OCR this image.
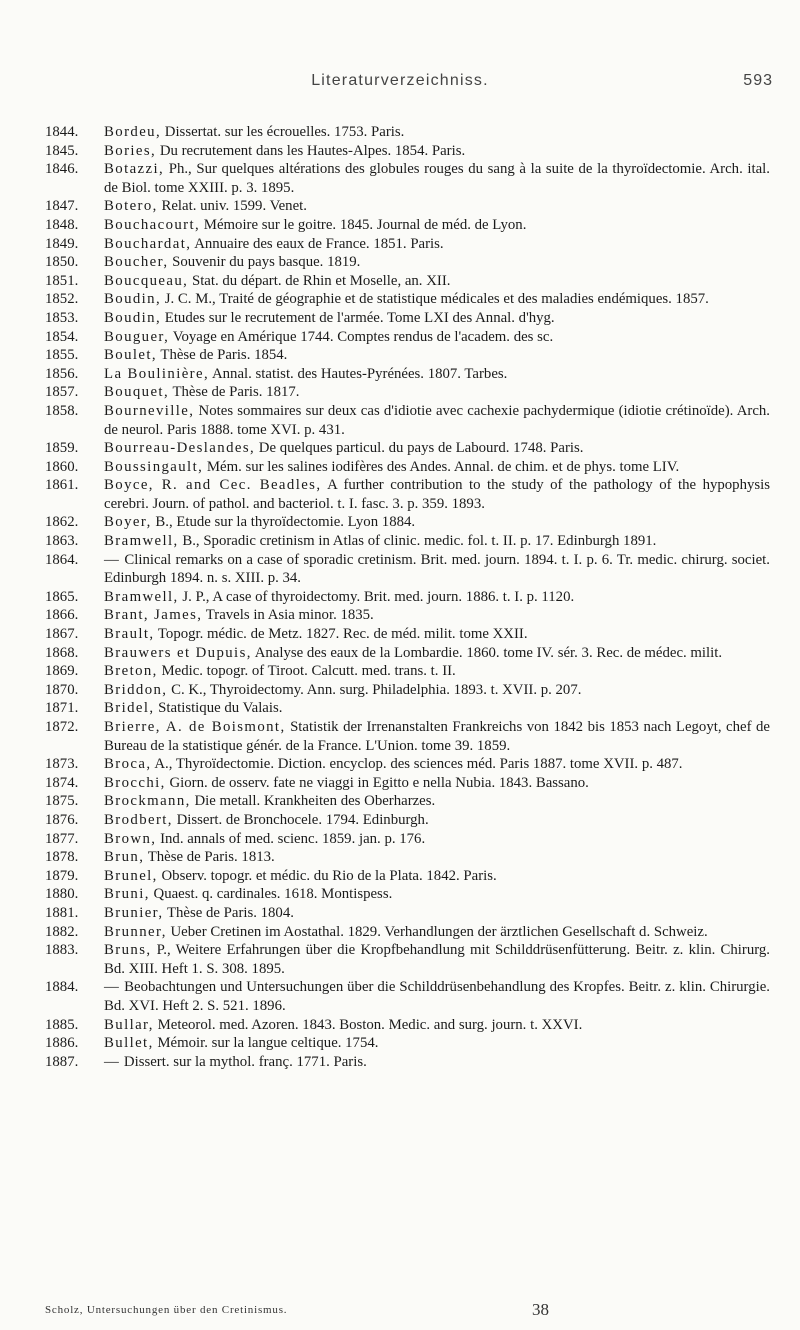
Literaturverzeichniss.	593

1844. Bordeu, Dissertat. sur les écrouelles. 1753. Paris.

1845. Bories, Du recrutement dans les Hautes-Alpes. 1854. Paris.

1846. Botazzi, Ph., Sur quelques altérations des globules rouges du sang à la suite de la thyroïdectomie. Arch. ital. de Biol. tome XXIII. p. 3. 1895.

1847. Botero, Relat. univ. 1599. Venet.

1848. Bouchacourt, Mémoire sur le goitre. 1845. Journal de méd. de Lyon.

1849. Bouchardat, Annuaire des eaux de France. 1851. Paris.

1850. Boucher, Souvenir du pays basque. 1819.

1851. Boucqueau, Stat. du départ. de Rhin et Moselle, an. XII.

1852. Boudin, J. C. M., Traité de géographie et de statistique médicales et des maladies endémiques. 1857.

1853. Boudin, Etudes sur le recrutement de l'armée. Tome LXI des Annal. d'hyg.

1854. Bouguer, Voyage en Amérique 1744. Comptes rendus de l'academ. des sc.

1855. Boulet, Thèse de Paris. 1854.

1856. La Boulinière, Annal. statist. des Hautes-Pyrénées. 1807. Tarbes.

1857. Bouquet, Thèse de Paris. 1817.

1858. Bourneville, Notes sommaires sur deux cas d'idiotie avec cachexie pachydermique (idiotie crétinoïde). Arch. de neurol. Paris 1888. tome XVI. p. 431.

1859. Bourreau-Deslandes, De quelques particul. du pays de Labourd. 1748. Paris.

1860. Boussingault, Mém. sur les salines iodifères des Andes. Annal. de chim. et de phys. tome LIV.

1861. Boyce, R. and Cec. Beadles, A further contribution to the study of the pathology of the hypophysis cerebri. Journ. of pathol. and bacteriol. t. I. fasc. 3. p. 359. 1893.

1862. Boyer, B., Etude sur la thyroïdectomie. Lyon 1884.

1863. Bramwell, B., Sporadic cretinism in Atlas of clinic. medic. fol. t. II. p. 17. Edinburgh 1891.

1864. — Clinical remarks on a case of sporadic cretinism. Brit. med. journ. 1894. t. I. p. 6. Tr. medic. chirurg. societ. Edinburgh 1894. n. s. XIII. p. 34.

1865. Bramwell, J. P., A case of thyroidectomy. Brit. med. journ. 1886. t. I. p. 1120.

1866. Brant, James, Travels in Asia minor. 1835.

1867. Brault, Topogr. médic. de Metz. 1827. Rec. de méd. milit. tome XXII.

1868. Brauwers et Dupuis, Analyse des eaux de la Lombardie. 1860. tome IV. sér. 3. Rec. de médec. milit.

1869. Breton, Medic. topogr. of Tiroot. Calcutt. med. trans. t. II.

1870. Briddon, C. K., Thyroidectomy. Ann. surg. Philadelphia. 1893. t. XVII. p. 207.

1871. Bridel, Statistique du Valais.

1872. Brierre, A. de Boismont, Statistik der Irrenanstalten Frankreichs von 1842 bis 1853 nach Legoyt, chef de Bureau de la statistique génér. de la France. L'Union. tome 39. 1859.

1873. Broca, A., Thyroïdectomie. Diction. encyclop. des sciences méd. Paris 1887. tome XVII. p. 487.

1874. Brocchi, Giorn. de osserv. fate ne viaggi in Egitto e nella Nubia. 1843. Bassano.

1875. Brockmann, Die metall. Krankheiten des Oberharzes.

1876. Brodbert, Dissert. de Bronchocele. 1794. Edinburgh.

1877. Brown, Ind. annals of med. scienc. 1859. jan. p. 176.

1878. Brun, Thèse de Paris. 1813.

1879. Brunel, Observ. topogr. et médic. du Rio de la Plata. 1842. Paris.

1880. Bruni, Quaest. q. cardinales. 1618. Montispess.

1881. Brunier, Thèse de Paris. 1804.

1882. Brunner, Ueber Cretinen im Aostathal. 1829. Verhandlungen der ärztlichen Gesellschaft d. Schweiz.

1883. Bruns, P., Weitere Erfahrungen über die Kropfbehandlung mit Schilddrüsenfütterung. Beitr. z. klin. Chirurg. Bd. XIII. Heft 1. S. 308. 1895.

1884. — Beobachtungen und Untersuchungen über die Schilddrüsenbehandlung des Kropfes. Beitr. z. klin. Chirurgie. Bd. XVI. Heft 2. S. 521. 1896.

1885. Bullar, Meteorol. med. Azoren. 1843. Boston. Medic. and surg. journ. t. XXVI.

1886. Bullet, Mémoir. sur la langue celtique. 1754.

1887. — Dissert. sur la mythol. franç. 1771. Paris.

Scholz, Untersuchungen über den Cretinismus.	38
